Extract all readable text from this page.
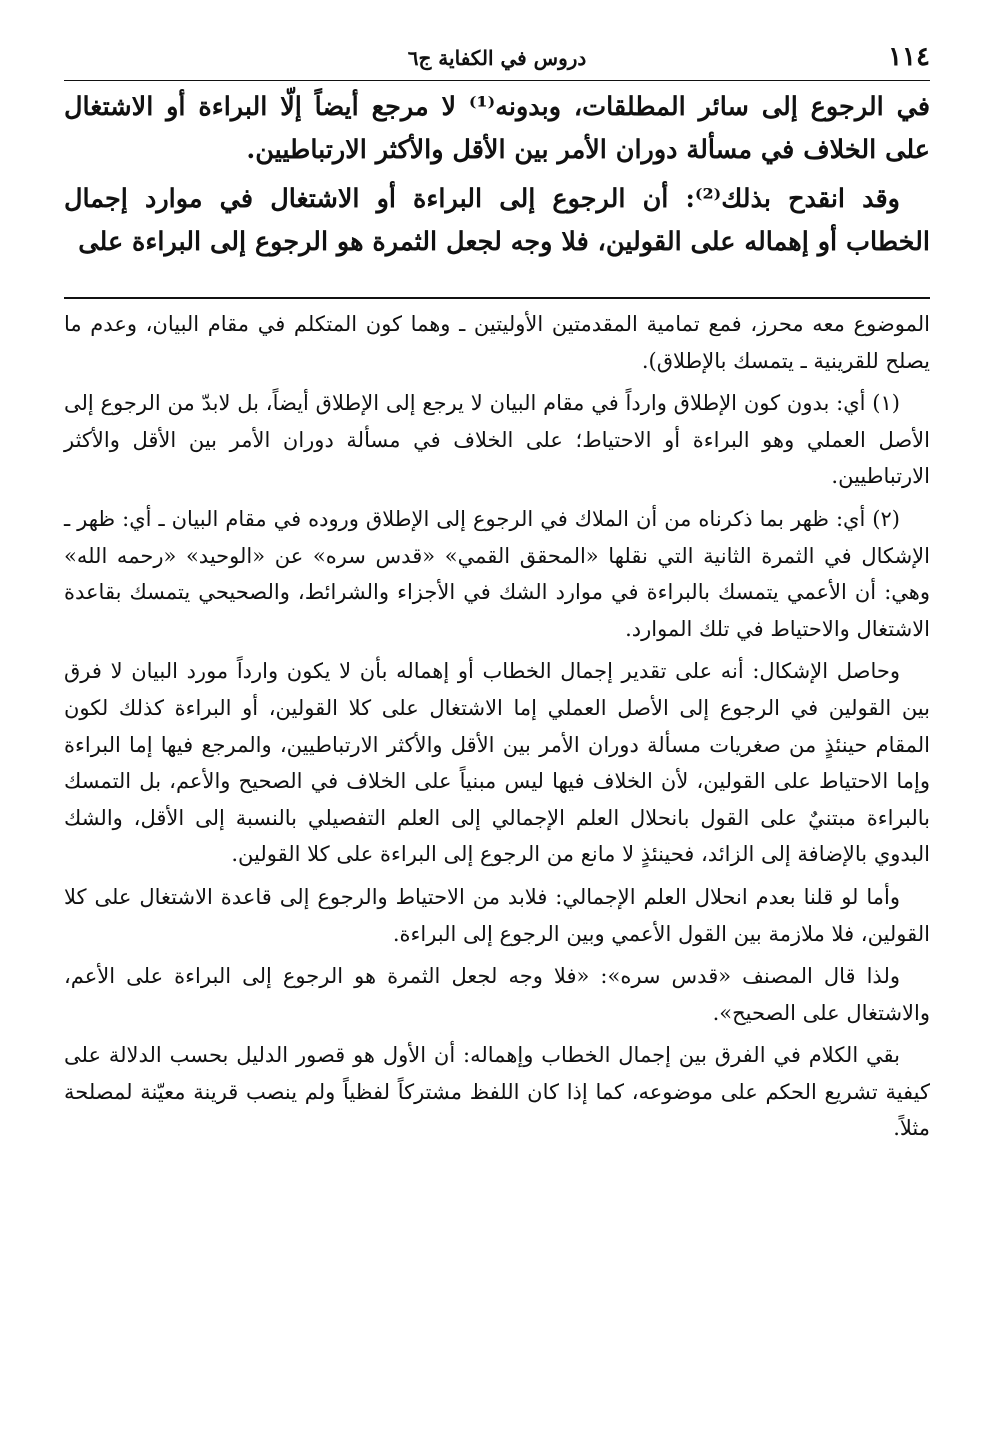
١١٤
دروس في الكفاية ج٦

في الرجوع إلى سائر المطلقات، وبدونه⁽¹⁾ لا مرجع أيضاً إلّا البراءة أو الاشتغال على الخلاف في مسألة دوران الأمر بين الأقل والأكثر الارتباطيين.

وقد انقدح بذلك⁽²⁾: أن الرجوع إلى البراءة أو الاشتغال في موارد إجمال الخطاب أو إهماله على القولين، فلا وجه لجعل الثمرة هو الرجوع إلى البراءة على

الموضوع معه محرز، فمع تمامية المقدمتين الأوليتين ـ وهما كون المتكلم في مقام البيان، وعدم ما يصلح للقرينية ـ يتمسك بالإطلاق).

(١) أي: بدون كون الإطلاق وارداً في مقام البيان لا يرجع إلى الإطلاق أيضاً، بل لابدّ من الرجوع إلى الأصل العملي وهو البراءة أو الاحتياط؛ على الخلاف في مسألة دوران الأمر بين الأقل والأكثر الارتباطيين.

(٢) أي: ظهر بما ذكرناه من أن الملاك في الرجوع إلى الإطلاق وروده في مقام البيان ـ أي: ظهر ـ الإشكال في الثمرة الثانية التي نقلها «المحقق القمي» «قدس سره» عن «الوحيد» «رحمه الله» وهي: أن الأعمي يتمسك بالبراءة في موارد الشك في الأجزاء والشرائط، والصحيحي يتمسك بقاعدة الاشتغال والاحتياط في تلك الموارد.

وحاصل الإشكال: أنه على تقدير إجمال الخطاب أو إهماله بأن لا يكون وارداً مورد البيان لا فرق بين القولين في الرجوع إلى الأصل العملي إما الاشتغال على كلا القولين، أو البراءة كذلك لكون المقام حينئذٍ من صغريات مسألة دوران الأمر بين الأقل والأكثر الارتباطيين، والمرجع فيها إما البراءة وإما الاحتياط على القولين، لأن الخلاف فيها ليس مبنياً على الخلاف في الصحيح والأعم، بل التمسك بالبراءة مبتنيٌ على القول بانحلال العلم الإجمالي إلى العلم التفصيلي بالنسبة إلى الأقل، والشك البدوي بالإضافة إلى الزائد، فحينئذٍ لا مانع من الرجوع إلى البراءة على كلا القولين.

وأما لو قلنا بعدم انحلال العلم الإجمالي: فلابد من الاحتياط والرجوع إلى قاعدة الاشتغال على كلا القولين، فلا ملازمة بين القول الأعمي وبين الرجوع إلى البراءة.

ولذا قال المصنف «قدس سره»: «فلا وجه لجعل الثمرة هو الرجوع إلى البراءة على الأعم، والاشتغال على الصحيح».

بقي الكلام في الفرق بين إجمال الخطاب وإهماله: أن الأول هو قصور الدليل بحسب الدلالة على كيفية تشريع الحكم على موضوعه، كما إذا كان اللفظ مشتركاً لفظياً ولم ينصب قرينة معيّنة لمصلحة مثلاً.
